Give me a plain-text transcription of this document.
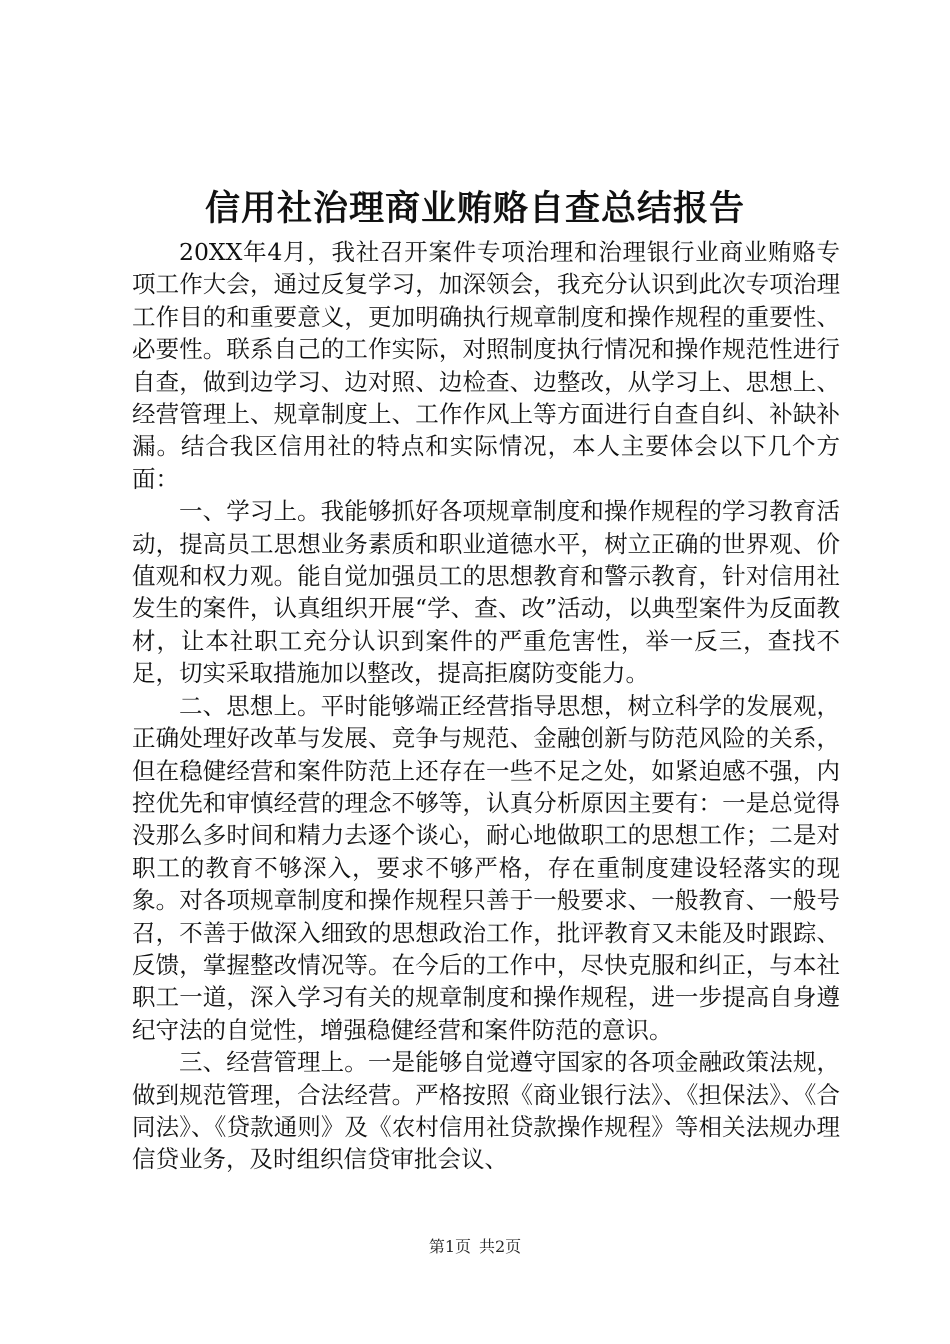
信用社治理商业贿赂自查总结报告

20XX年4月，我社召开案件专项治理和治理银行业商业贿赂专项工作大会，通过反复学习，加深领会，我充分认识到此次专项治理工作目的和重要意义，更加明确执行规章制度和操作规程的重要性、必要性。联系自己的工作实际，对照制度执行情况和操作规范性进行自查，做到边学习、边对照、边检查、边整改，从学习上、思想上、经营管理上、规章制度上、工作作风上等方面进行自查自纠、补缺补漏。结合我区信用社的特点和实际情况，本人主要体会以下几个方面：

一、学习上。我能够抓好各项规章制度和操作规程的学习教育活动，提高员工思想业务素质和职业道德水平，树立正确的世界观、价值观和权力观。能自觉加强员工的思想教育和警示教育，针对信用社发生的案件，认真组织开展“学、查、改”活动，以典型案件为反面教材，让本社职工充分认识到案件的严重危害性，举一反三，查找不足，切实采取措施加以整改，提高拒腐防变能力。

二、思想上。平时能够端正经营指导思想，树立科学的发展观，正确处理好改革与发展、竞争与规范、金融创新与防范风险的关系，但在稳健经营和案件防范上还存在一些不足之处，如紧迫感不强，内控优先和审慎经营的理念不够等，认真分析原因主要有：一是总觉得没那么多时间和精力去逐个谈心，耐心地做职工的思想工作；二是对职工的教育不够深入，要求不够严格，存在重制度建设轻落实的现象。对各项规章制度和操作规程只善于一般要求、一般教育、一般号召，不善于做深入细致的思想政治工作，批评教育又未能及时跟踪、反馈，掌握整改情况等。在今后的工作中，尽快克服和纠正，与本社职工一道，深入学习有关的规章制度和操作规程，进一步提高自身遵纪守法的自觉性，增强稳健经营和案件防范的意识。

三、经营管理上。一是能够自觉遵守国家的各项金融政策法规，做到规范管理，合法经营。严格按照《商业银行法》、《担保法》、《合同法》、《贷款通则》及《农村信用社贷款操作规程》等相关法规办理信贷业务，及时组织信贷审批会议、

第1页 共2页
